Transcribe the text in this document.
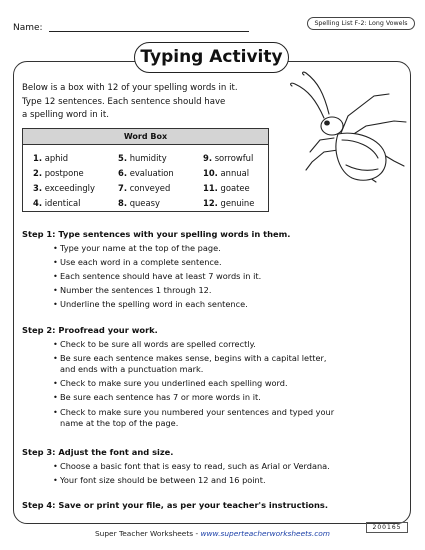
Name:	Spelling List F-2: Long Vowels
Typing Activity
Below is a box with 12 of your spelling words in it.
Type 12 sentences. Each sentence should have
a spelling word in it.
Word Box
1. aphid
2. postpone
3. exceedingly
4. identical
5. humidity
6. evaluation
7. conveyed
8. queasy
9. sorrowful
10. annual
11. goatee
12. genuine
Step 1: Type sentences with your spelling words in them.
• Type your name at the top of the page.
• Use each word in a complete sentence.
• Each sentence should have at least 7 words in it.
• Number the sentences 1 through 12.
• Underline the spelling word in each sentence.
Step 2: Proofread your work.
• Check to be sure all words are spelled correctly.
• Be sure each sentence makes sense, begins with a capital letter,
and ends with a punctuation mark.
• Check to make sure you underlined each spelling word.
• Be sure each sentence has 7 or more words in it.
• Check to make sure you numbered your sentences and typed your
name at the top of the page.
Step 3: Adjust the font and size.
• Choose a basic font that is easy to read, such as Arial or Verdana.
• Your font size should be between 12 and 16 point.
Step 4: Save or print your file, as per your teacher's instructions.
Super Teacher Worksheets - www.superteacherworksheets.com
200165
